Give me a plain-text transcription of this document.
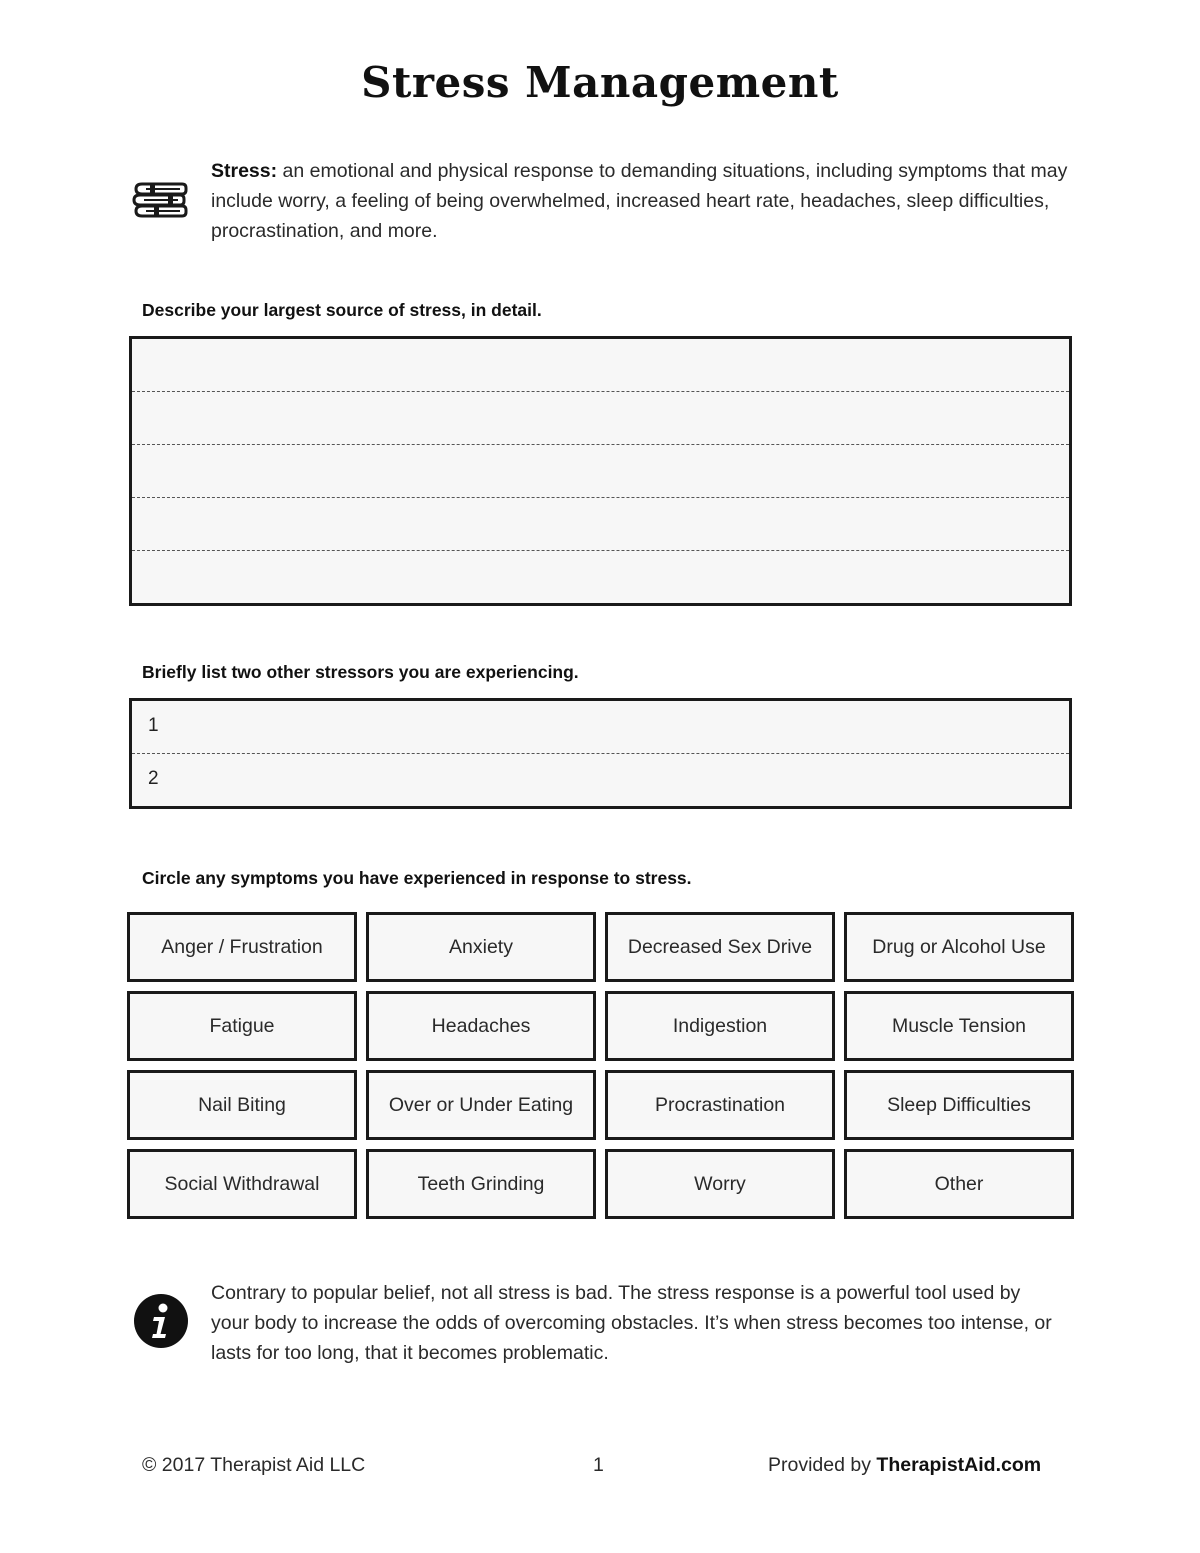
Stress Management
Stress: an emotional and physical response to demanding situations, including symptoms that may include worry, a feeling of being overwhelmed, increased heart rate, headaches, sleep difficulties, procrastination, and more.
Describe your largest source of stress, in detail.
Briefly list two other stressors you are experiencing.
1
2
Circle any symptoms you have experienced in response to stress.
Anger / Frustration	Anxiety	Decreased Sex Drive	Drug or Alcohol Use
Fatigue	Headaches	Indigestion	Muscle Tension
Nail Biting	Over or Under Eating	Procrastination	Sleep Difficulties
Social Withdrawal	Teeth Grinding	Worry	Other
Contrary to popular belief, not all stress is bad. The stress response is a powerful tool used by your body to increase the odds of overcoming obstacles. It’s when stress becomes too intense, or lasts for too long, that it becomes problematic.
© 2017 Therapist Aid LLC	1	Provided by TherapistAid.com
